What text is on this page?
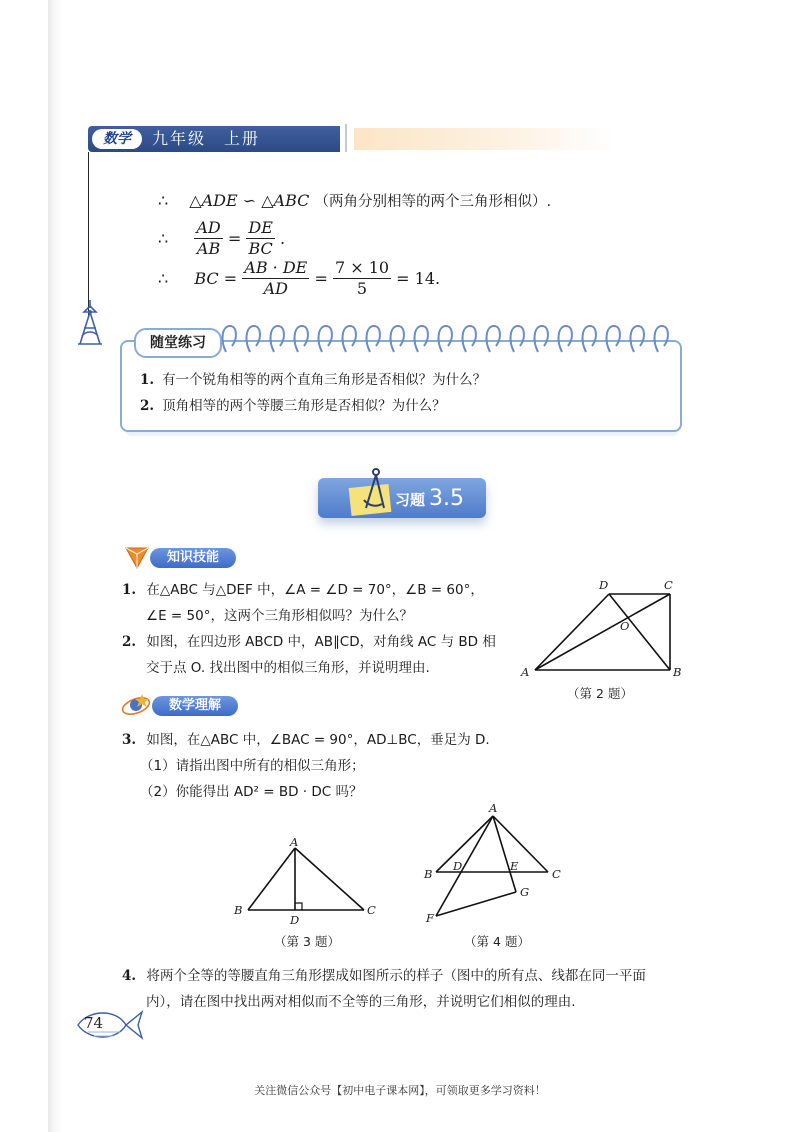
数学	九年级　上册
∴ △ADE ∽ △ABC （两角分别相等的两个三角形相似）.
∴ $\frac{AD}{AB} = \frac{DE}{BC}$ .
∴ BC = $\frac{AB \cdot DE}{AD} = \frac{7 \times 10}{5} = 14$.
随堂练习
1. 有一个锐角相等的两个直角三角形是否相似？为什么？
2. 顶角相等的两个等腰三角形是否相似？为什么？
习题 3.5
知识技能
1. 在△ABC 与△DEF 中，∠A = ∠D = 70°，∠B = 60°，
∠E = 50°，这两个三角形相似吗？为什么？
2. 如图，在四边形 ABCD 中，AB∥CD，对角线 AC 与 BD 相
交于点 O. 找出图中的相似三角形，并说明理由.	A	B
C
D
O
（第 2 题）
数学理解
3. 如图，在△ABC 中，∠BAC = 90°，AD⊥BC，垂足为 D.
（1）请指出图中所有的相似三角形；
（2）你能得出 AD² = BD · DC 吗？
A
B	C
D
（第 3 题）
A
B	C
D	E
F
G
（第 4 题）
4. 将两个全等的等腰直角三角形摆成如图所示的样子（图中的所有点、线都在同一平面
内），请在图中找出两对相似而不全等的三角形，并说明它们相似的理由.
74
关注微信公众号【初中电子课本网】，可领取更多学习资料！
